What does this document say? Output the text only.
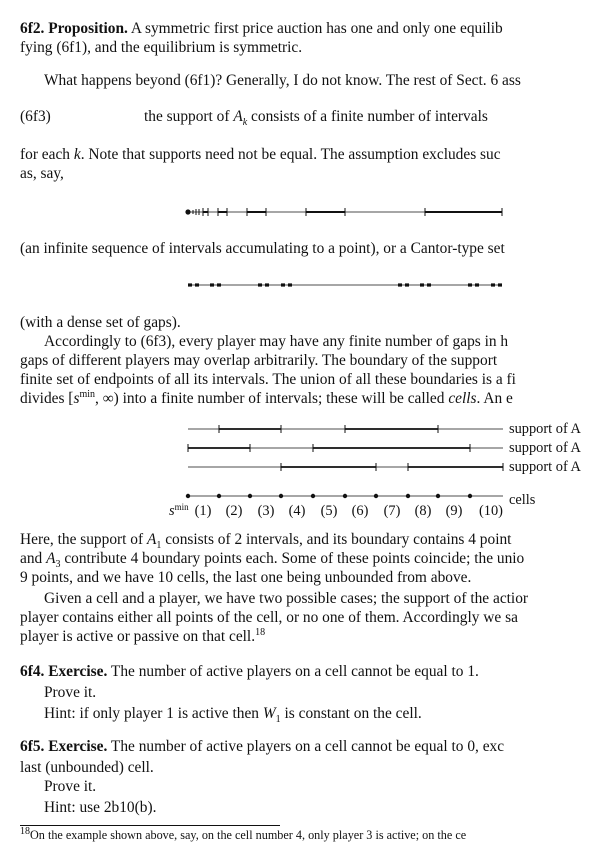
6f2. Proposition. A symmetric first price auction has one and only one equilib
fying (6f1), and the equilibrium is symmetric.
What happens beyond (6f1)? Generally, I do not know. The rest of Sect. 6 ass
(6f3)	the support of $A_k$ consists of a finite number of intervals
for each k. Note that supports need not be equal. The assumption excludes suc
as, say,
(an infinite sequence of intervals accumulating to a point), or a Cantor-type set
(with a dense set of gaps).
Accordingly to (6f3), every player may have any finite number of gaps in h
gaps of different players may overlap arbitrarily. The boundary of the support
finite set of endpoints of all its intervals. The union of all these boundaries is a fi
divides [$s^{min}$, ∞) into a finite number of intervals; these will be called cells. An e
support of A
support of A
support of A
cells
$s^{min}$ (1) (2) (3) (4) (5) (6) (7) (8) (9) (10)
Here, the support of $A_1$ consists of 2 intervals, and its boundary contains 4 point
and $A_3$ contribute 4 boundary points each. Some of these points coincide; the unio
9 points, and we have 10 cells, the last one being unbounded from above.
Given a cell and a player, we have two possible cases; the support of the actior
player contains either all points of the cell, or no one of them. Accordingly we sa
player is active or passive on that cell.$^{18}$
6f4. Exercise. The number of active players on a cell cannot be equal to 1.
Prove it.
Hint: if only player 1 is active then $W_1$ is constant on the cell.
6f5. Exercise. The number of active players on a cell cannot be equal to 0, exc
last (unbounded) cell.
Prove it.
Hint: use 2b10(b).
$^{18}$On the example shown above, say, on the cell number 4, only player 3 is active; on the ce
